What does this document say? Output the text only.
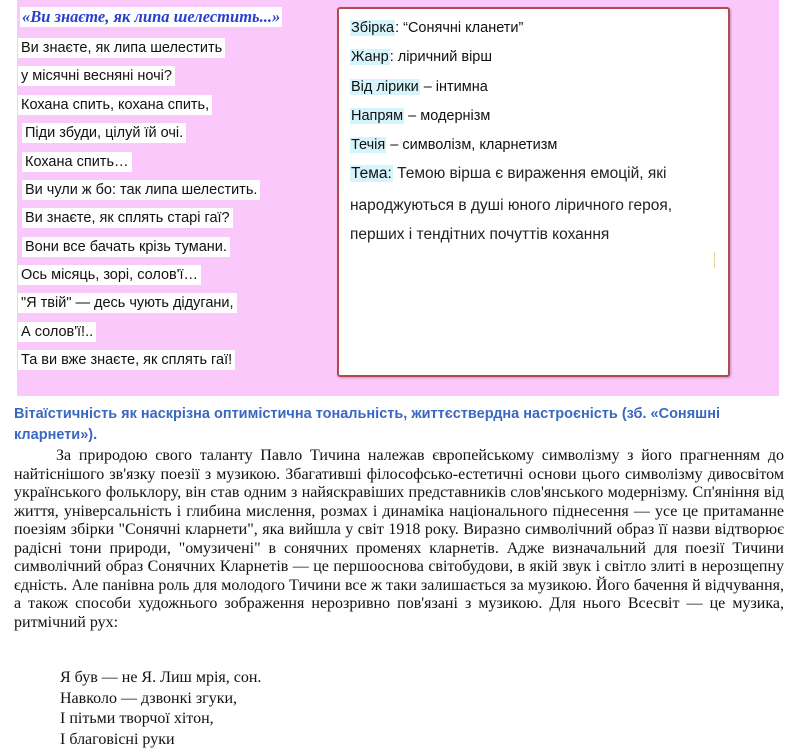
«Ви знаєте, як липа шелестить...»
Ви знаєте, як липа шелестить
у місячні весняні ночі?
Кохана спить, кохана спить,
Піди збуди, цілуй їй очі.
Кохана спить…
Ви чули ж бо: так липа шелестить.
Ви знаєте, як сплять старі гаї?
Вони все бачать крізь тумани.
Ось місяць, зорі, солов'ї…
"Я твій" — десь чують дідугани,
А солов'ї!..
Та ви вже знаєте, як сплять гаї!
Збірка: “Сонячні кланети”
Жанр: ліричний вірш
Від лірики – інтимна
Напрям – модернізм
Течія – символізм, кларнетизм
Тема: Темою вірша є вираження емоцій, які
народжуються в душі юного ліричного героя,
перших і тендітних почуттів кохання
Вітаїстичність як наскрізна оптимістична тональність, життєствердна настроєність (зб. «Соняшні кларнети»).

За природою свого таланту Павло Тичина належав європейському символізму з його прагненням до найтіснішого зв'язку поезії з музикою. Збагатившi філософсько-естетичні основи цього символізму дивосвітом українського фольклору, він став одним з найяскравіших представників слов'янського модернізму. Сп'яніння від життя, універсальність і глибина мислення, розмах і динаміка національного піднесення — усе це притаманне поезіям збірки "Сонячні кларнети", яка вийшла у світ 1918 року. Виразно символічний образ її назви відтворює радісні тони природи, "омузичені" в сонячних променях кларнетів. Адже визначальний для поезії Тичини символічний образ Сонячних Кларнетів — це першооснова світобудови, в якій звук і світло злиті в нерозщепну єдність. Але панівна роль для молодого Тичини все ж таки залишається за музикою. Його бачення й відчування, а також способи художнього зображення нерозривно пов'язані з музикою. Для нього Всесвіт — це музика, ритмічний рух:

Я був — не Я. Лиш мрія, сон.
Навколо — дзвонкі згуки,
І пітьми творчої хітон,
І благовісні руки
